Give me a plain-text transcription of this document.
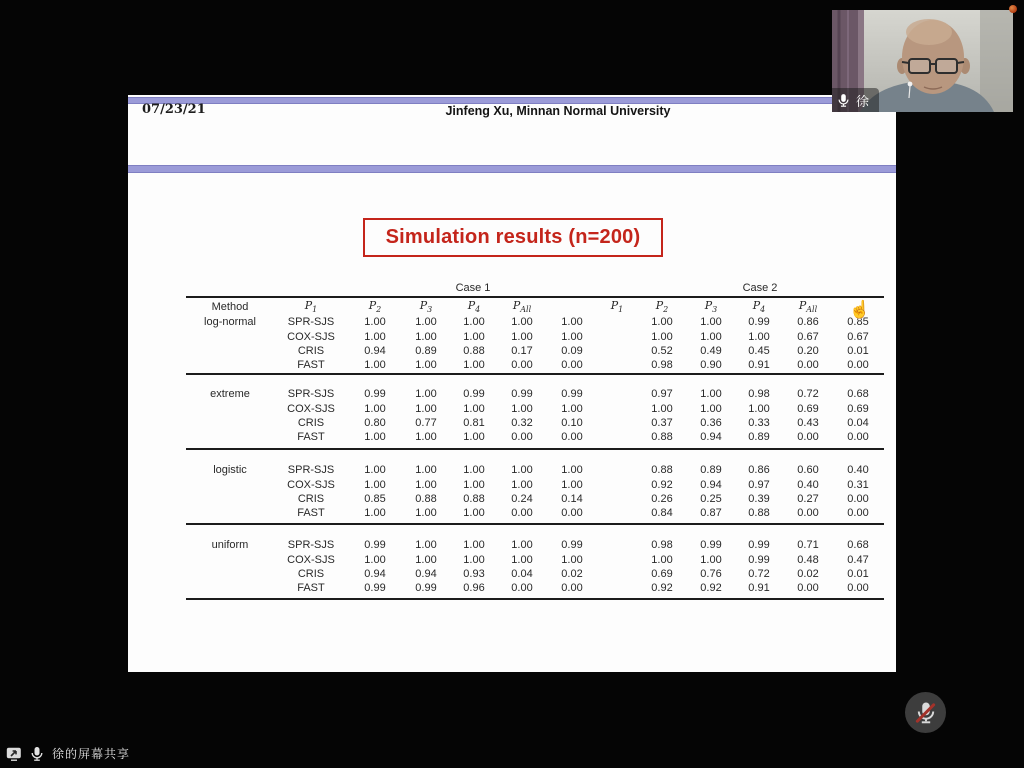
07/23/21	Jinfeng Xu, Minnan Normal University
Simulation results (n=200)
Case 1	Case 2
Method	$P_1$	$P_2$	$P_3$	$P_4$	$P_{All}$	$P_1$	$P_2$	$P_3$	$P_4$	$P_{All}$
log-normal	SPR-SJS	1.00	1.00	1.00	1.00	1.00	1.00	1.00	0.99	0.86	0.85
COX-SJS	1.00	1.00	1.00	1.00	1.00	1.00	1.00	1.00	0.67	0.67
CRIS	0.94	0.89	0.88	0.17	0.09	0.52	0.49	0.45	0.20	0.01
FAST	1.00	1.00	1.00	0.00	0.00	0.98	0.90	0.91	0.00	0.00
extreme	SPR-SJS	0.99	1.00	0.99	0.99	0.99	0.97	1.00	0.98	0.72	0.68
COX-SJS	1.00	1.00	1.00	1.00	1.00	1.00	1.00	1.00	0.69	0.69
CRIS	0.80	0.77	0.81	0.32	0.10	0.37	0.36	0.33	0.43	0.04
FAST	1.00	1.00	1.00	0.00	0.00	0.88	0.94	0.89	0.00	0.00
logistic	SPR-SJS	1.00	1.00	1.00	1.00	1.00	0.88	0.89	0.86	0.60	0.40
COX-SJS	1.00	1.00	1.00	1.00	1.00	0.92	0.94	0.97	0.40	0.31
CRIS	0.85	0.88	0.88	0.24	0.14	0.26	0.25	0.39	0.27	0.00
FAST	1.00	1.00	1.00	0.00	0.00	0.84	0.87	0.88	0.00	0.00
uniform	SPR-SJS	0.99	1.00	1.00	1.00	0.99	0.98	0.99	0.99	0.71	0.68
COX-SJS	1.00	1.00	1.00	1.00	1.00	1.00	1.00	0.99	0.48	0.47
CRIS	0.94	0.94	0.93	0.04	0.02	0.69	0.76	0.72	0.02	0.01
FAST	0.99	0.99	0.96	0.00	0.00	0.92	0.92	0.91	0.00	0.00
☝
徐
徐的屏幕共享
